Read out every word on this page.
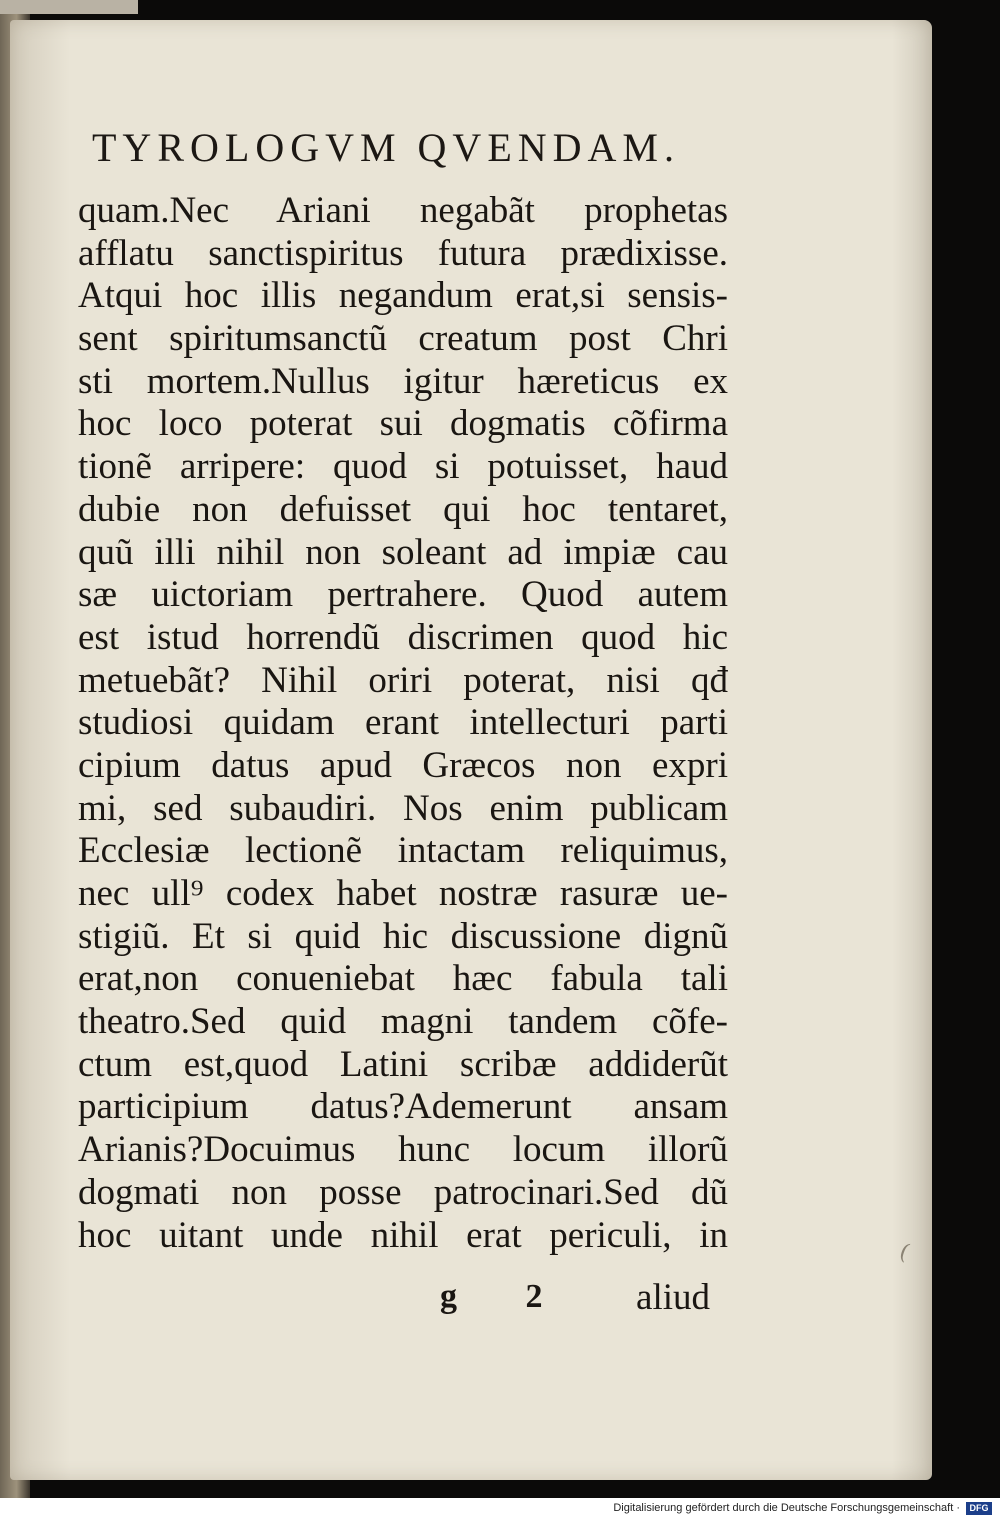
TYROLOGVM QVENDAM.
quam.Nec Ariani negabãt prophetas
afflatu sanctispiritus futura prædixisse.
Atqui hoc illis negandum erat,si sensis-
sent spiritumsanctũ creatum post Chri
sti mortem.Nullus igitur hæreticus ex
hoc loco poterat sui dogmatis cõfirma
tionẽ arripere: quod si potuisset, haud
dubie non defuisset qui hoc tentaret,
quũ illi nihil non soleant ad impiæ cau
sæ uictoriam pertrahere. Quod autem
est istud horrendũ discrimen quod hic
metuebãt? Nihil oriri poterat, nisi qđ
studiosi quidam erant intellecturi parti
cipium datus apud Græcos non expri
mi, sed subaudiri. Nos enim publicam
Ecclesiæ lectionẽ intactam reliquimus,
nec ull⁹ codex habet nostræ rasuræ ue-
stigiũ. Et si quid hic discussione dignũ
erat,non conueniebat hæc fabula tali
theatro.Sed quid magni tandem cõfe-
ctum est,quod Latini scribæ addiderũt
participium datus?Ademerunt ansam
Arianis?Docuimus hunc locum illorũ
dogmati non posse patrocinari.Sed dũ
hoc uitant unde nihil erat periculi, in
g 2 aliud
(
Digitalisierung gefördert durch die Deutsche Forschungsgemeinschaft ·	DFG
